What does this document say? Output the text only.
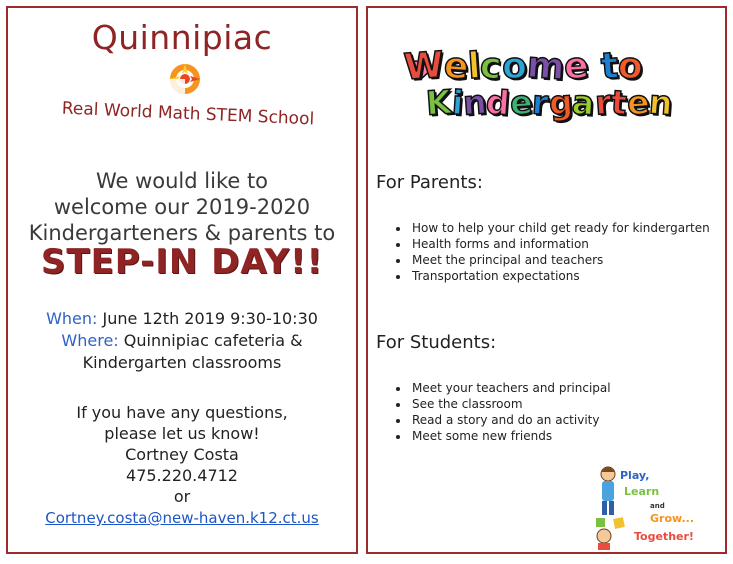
Quinnipiac
Real World Math STEM School
We would like to
welcome our 2019-2020
Kindergarteners & parents to
STEP-IN DAY!!
When: June 12th 2019 9:30-10:30
Where: Quinnipiac cafeteria &
Kindergarten classrooms
If you have any questions,
please let us know!
Cortney Costa
475.220.4712
or
Cortney.costa@new-haven.k12.ct.us
Welcome to
Kindergarten
For Parents:
• How to help your child get ready for kindergarten
• Health forms and information
• Meet the principal and teachers
• Transportation expectations
For Students:
• Meet your teachers and principal
• See the classroom
• Read a story and do an activity
• Meet some new friends
Play,
Learn
and
Grow...
Together!
